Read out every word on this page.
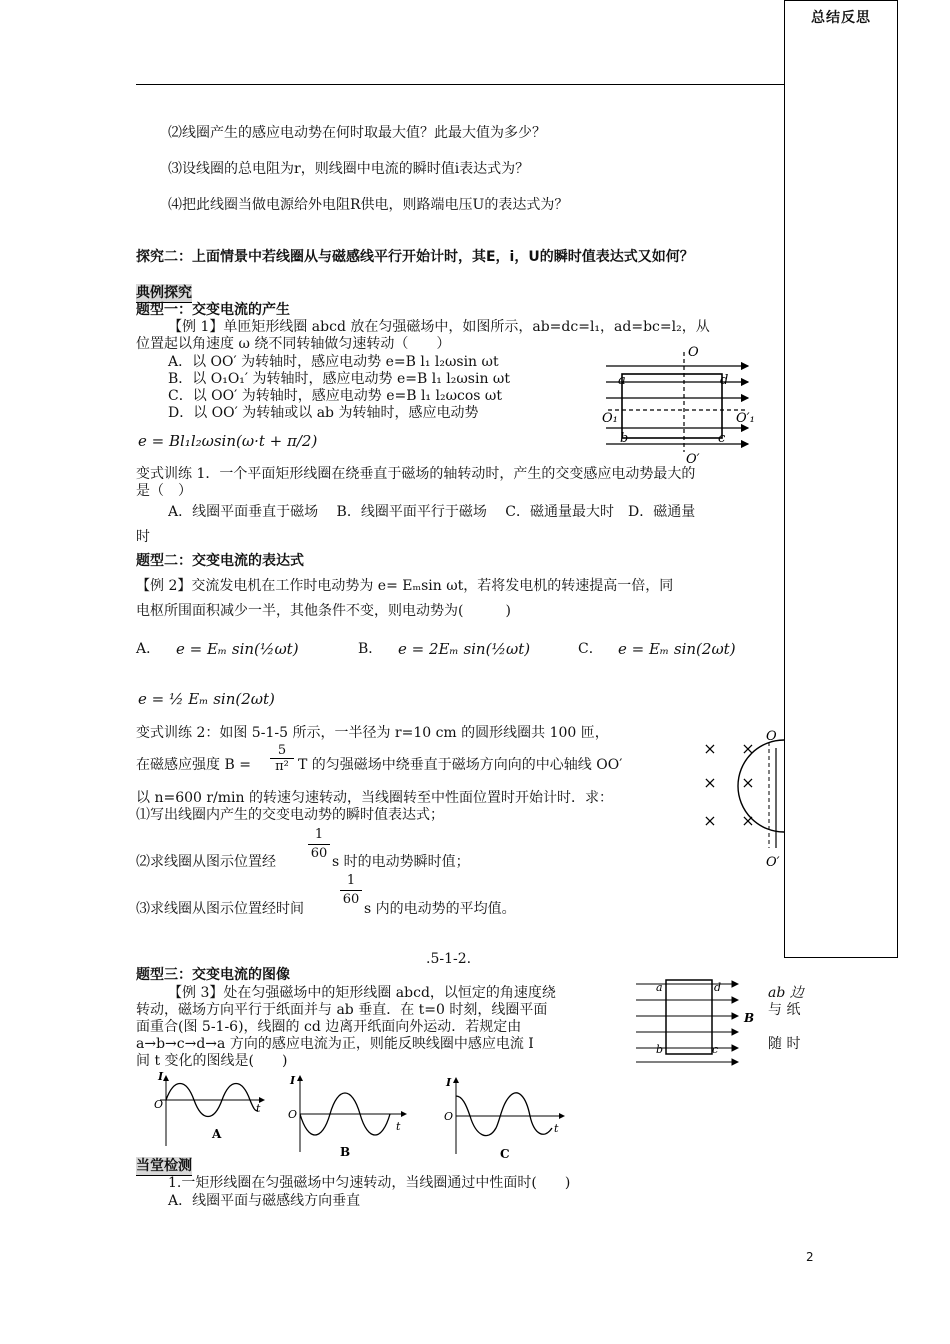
总结反思
⑵线圈产生的感应电动势在何时取最大值？此最大值为多少？
⑶设线圈的总电阻为r，则线圈中电流的瞬时值i表达式为？
⑷把此线圈当做电源给外电阻R供电，则路端电压U的表达式为？
探究二：上面情景中若线圈从与磁感线平行开始计时，其E，i，U的瞬时值表达式又如何？
典例探究
题型一：交变电流的产生
【例 1】单匝矩形线圈 abcd 放在匀强磁场中，如图所示，ab=dc=l₁，ad=bc=l₂，从
位置起以角速度 ω 绕不同转轴做匀速转动（　　）
A．以 OO′ 为转轴时，感应电动势 e=B l₁ l₂ωsin ωt
B．以 O₁O₁′ 为转轴时，感应电动势 e=B l₁ l₂ωsin ωt
C．以 OO′ 为转轴时，感应电动势 e=B l₁ l₂ωcos ωt
D．以 OO′ 为转轴或以 ab 为转轴时，感应电动势
e = Bl₁l₂ωsin(ω·t + π/2)
O
O′
a	d
b	c
O₁	O′₁
变式训练 1．一个平面矩形线圈在绕垂直于磁场的轴转动时，产生的交变感应电动势最大的
是（　）
A．线圈平面垂直于磁场　 B．线圈平面平行于磁场　 C．磁通量最大时　D．磁通量
时
题型二：交变电流的表达式
【例 2】交流发电机在工作时电动势为 e= Eₘsin ωt，若将发电机的转速提高一倍，同
电枢所围面积减少一半，其他条件不变，则电动势为(　　　)
A． e = Eₘ sin(½ωt)	B． e = 2Eₘ sin(½ωt)	C． e = Eₘ sin(2ωt)
e = ½ Eₘ sin(2ωt)
变式训练 2：如图 5-1-5 所示，一半径为 r=10 cm 的圆形线圈共 100 匝，
在磁感应强度 $B = \frac{5}{\text{π²}}$ T 的匀强磁场中绕垂直于磁场方向向的中心轴线 OO′
以 n=600 r/min 的转速匀速转动，当线圈转至中性面位置时开始计时．求：
⑴写出线圈内产生的交变电动势的瞬时值表达式；
⑵求线圈从图示位置经 $\frac{1}{60}$ s 时的电动势瞬时值；
⑶求线圈从图示位置经时间	$\frac{1}{60}$ s 内的电动势的平均值。
× ×
× ×
× ×
O
O′
.5-1-2.
题型三：交变电流的图像
【例 3】处在匀强磁场中的矩形线圈 abcd，以恒定的角速度绕
转动，磁场方向平行于纸面并与 ab 垂直．在 t=0 时刻，线圈平面
面重合(图 5-1-6)，线圈的 cd 边离开纸面向外运动．若规定由
a→b→c→d→a 方向的感应电流为正，则能反映线圈中感应电流 I
间 t 变化的图线是(　　)
ab 边
与 纸
随 时
a	d
b	c
B
I
O	t
A
I
O
t
B
I
O
t
C
当堂检测
1.一矩形线圈在匀强磁场中匀速转动，当线圈通过中性面时(　　)
A．线圈平面与磁感线方向垂直
2
